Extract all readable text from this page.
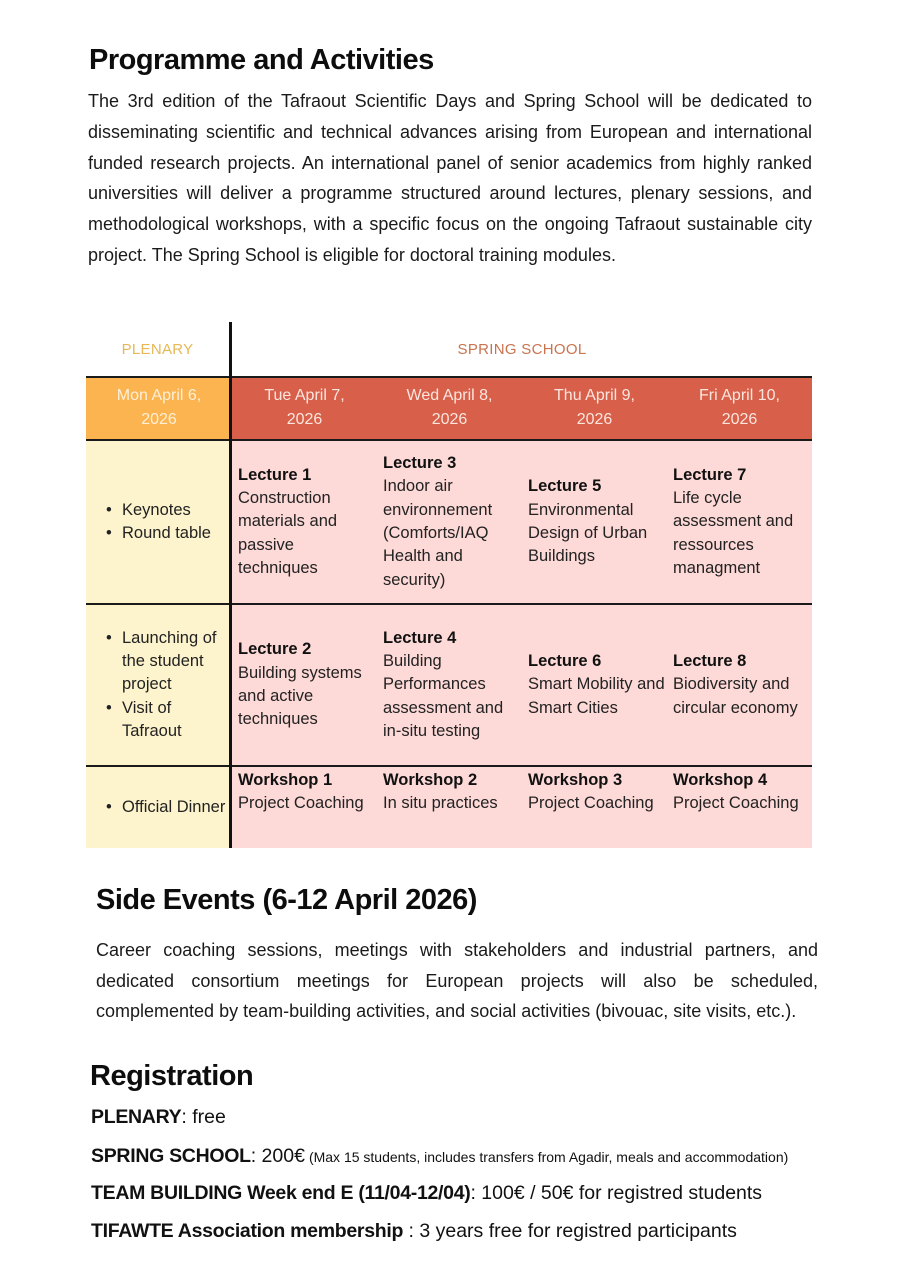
Programme and Activities

The 3rd edition of the Tafraout Scientific Days and Spring School will be dedicated to disseminating scientific and technical advances arising from European and international funded research projects. An international panel of senior academics from highly ranked universities will deliver a programme structured around lectures, plenary sessions, and methodological workshops, with a specific focus on the ongoing Tafraout sustainable city project. The Spring School is eligible for doctoral training modules.

PLENARY	SPRING SCHOOL
Mon April 6,
2026
Tue April 7,
2026
Wed April 8,
2026
Thu April 9,
2026
Fri April 10,
2026
• Keynotes
• Round table
Lecture 1
Construction materials and passive techniques
Lecture 3
Indoor air environnement (Comforts/IAQ Health and security)
Lecture 5
Environmental Design of Urban Buildings
Lecture 7
Life cycle assessment and ressources managment
• Launching of the student project
• Visit of Tafraout
Lecture 2
Building systems and active techniques
Lecture 4
Building Performances assessment and in-situ testing
Lecture 6
Smart Mobility and Smart Cities
Lecture 8
Biodiversity and circular economy
• Official Dinner
Workshop 1
Project Coaching
Workshop 2
In situ practices
Workshop 3
Project Coaching
Workshop 4
Project Coaching
Side Events (6-12 April 2026)

Career coaching sessions, meetings with stakeholders and industrial partners, and dedicated consortium meetings for European projects will also be scheduled, complemented by team-building activities, and social activities (bivouac, site visits, etc.).

Registration

PLENARY: free

SPRING SCHOOL: 200€ (Max 15 students, includes transfers from Agadir, meals and accommodation)

TEAM BUILDING Week end E (11/04-12/04): 100€ / 50€ for registred students

TIFAWTE Association membership : 3 years free for registred participants
